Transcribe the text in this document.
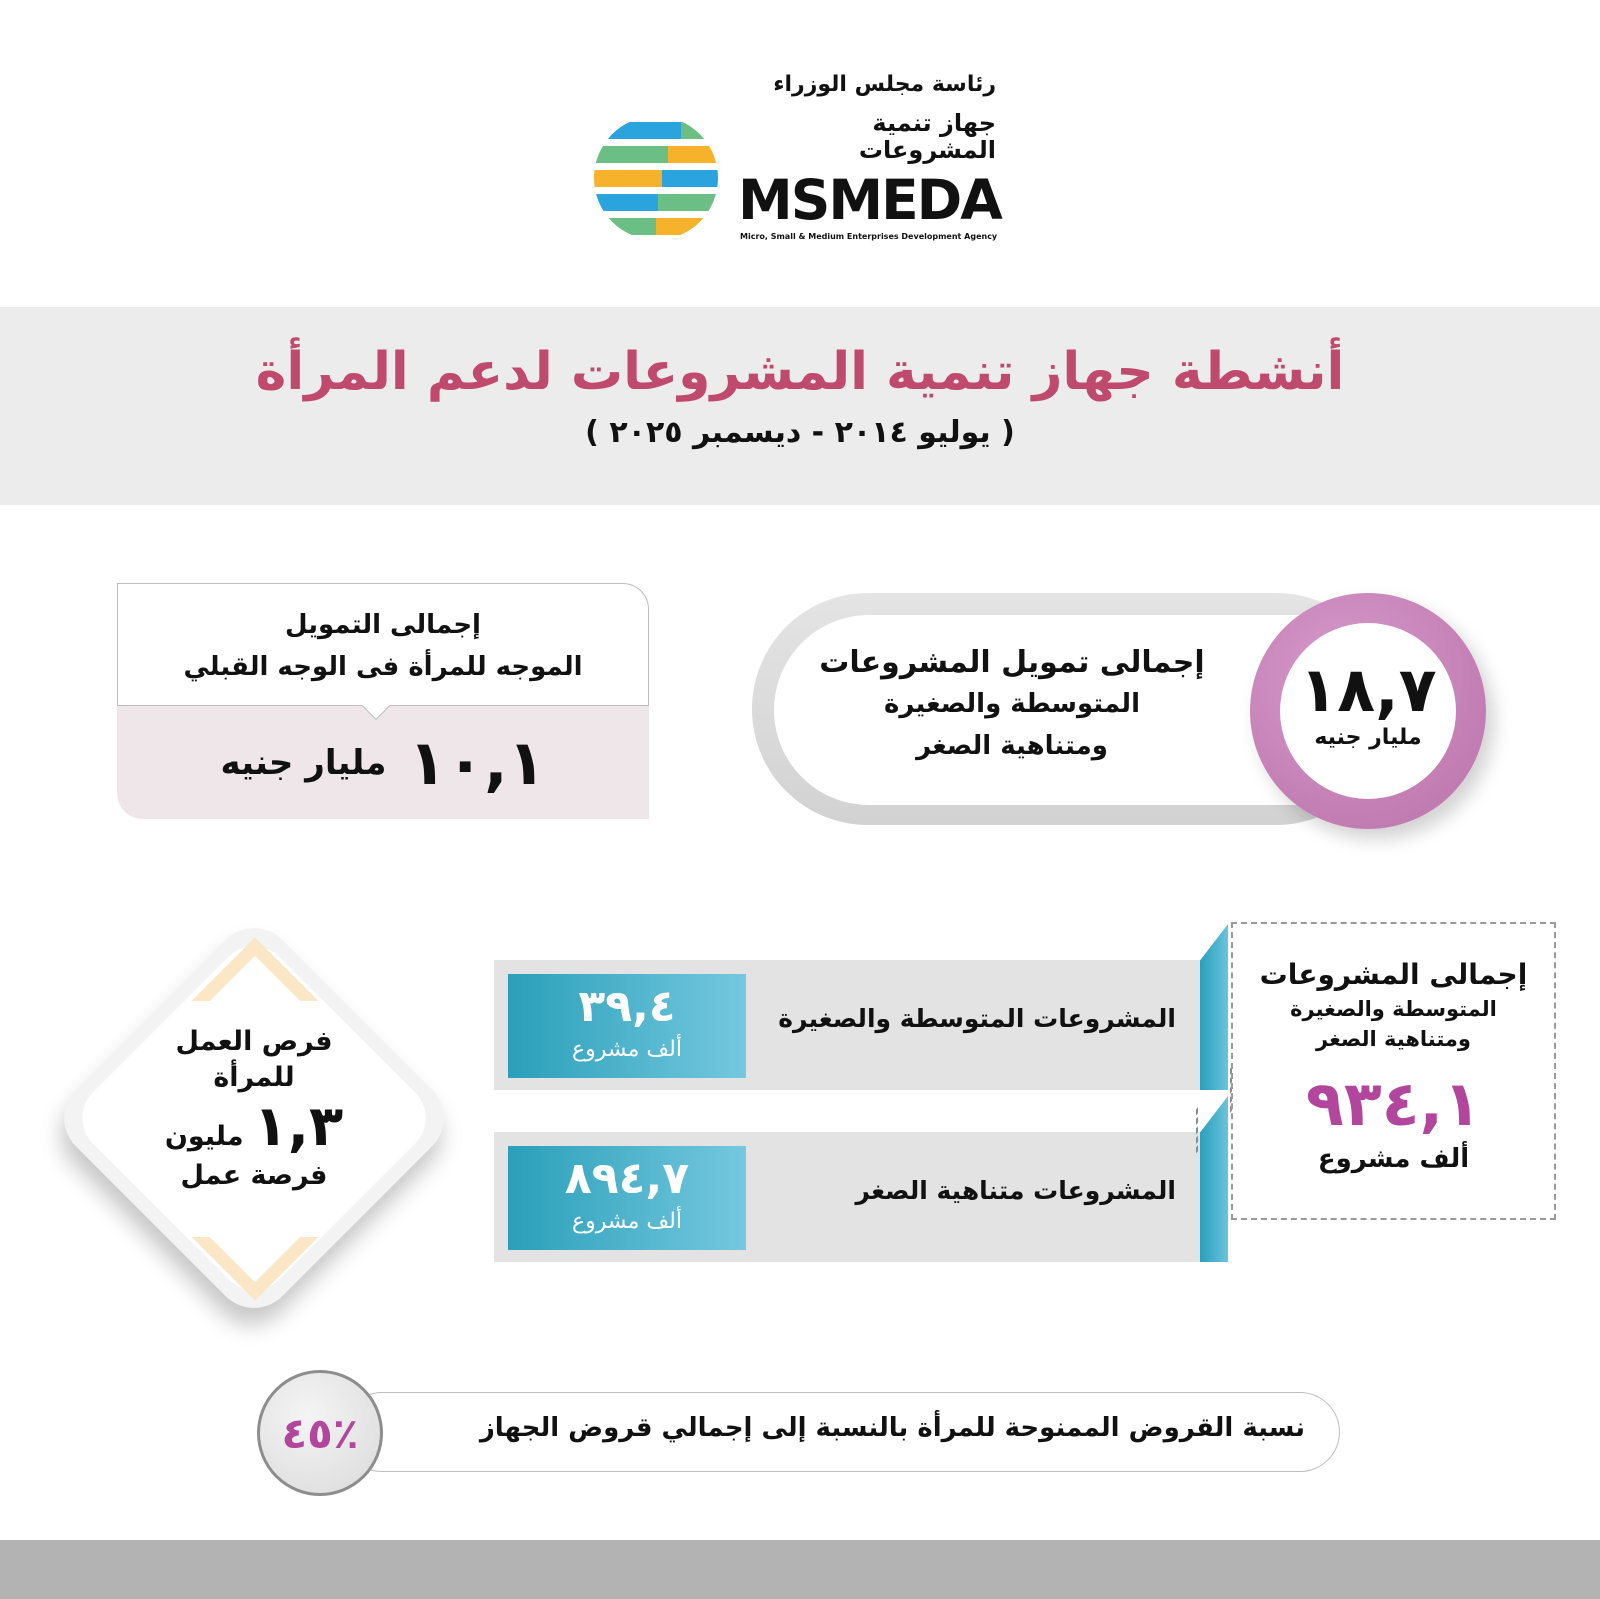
رئاسة مجلس الوزراء
جهاز تنمية
المشروعات
MSMEDA
Micro, Small & Medium Enterprises Development Agency
أنشطة جهاز تنمية المشروعات لدعم المرأة
( يوليو ٢٠١٤ - ديسمبر ٢٠٢٥ )
إجمالى التمويل
الموجه للمرأة فى الوجه القبلي
١٠,١
مليار جنيه
إجمالى تمويل المشروعات
المتوسطة والصغيرة
ومتناهية الصغر
١٨,٧
مليار جنيه
فرص العمل
للمرأة
١,٣
مليون
فرصة عمل
٣٩,٤
ألف مشروع
المشروعات المتوسطة والصغيرة
٨٩٤,٧
ألف مشروع
المشروعات متناهية الصغر
إجمالى المشروعات
المتوسطة والصغيرة
ومتناهية الصغر
٩٣٤,١
ألف مشروع
نسبة القروض الممنوحة للمرأة بالنسبة إلى إجمالي قروض الجهاز
٪٤٥
